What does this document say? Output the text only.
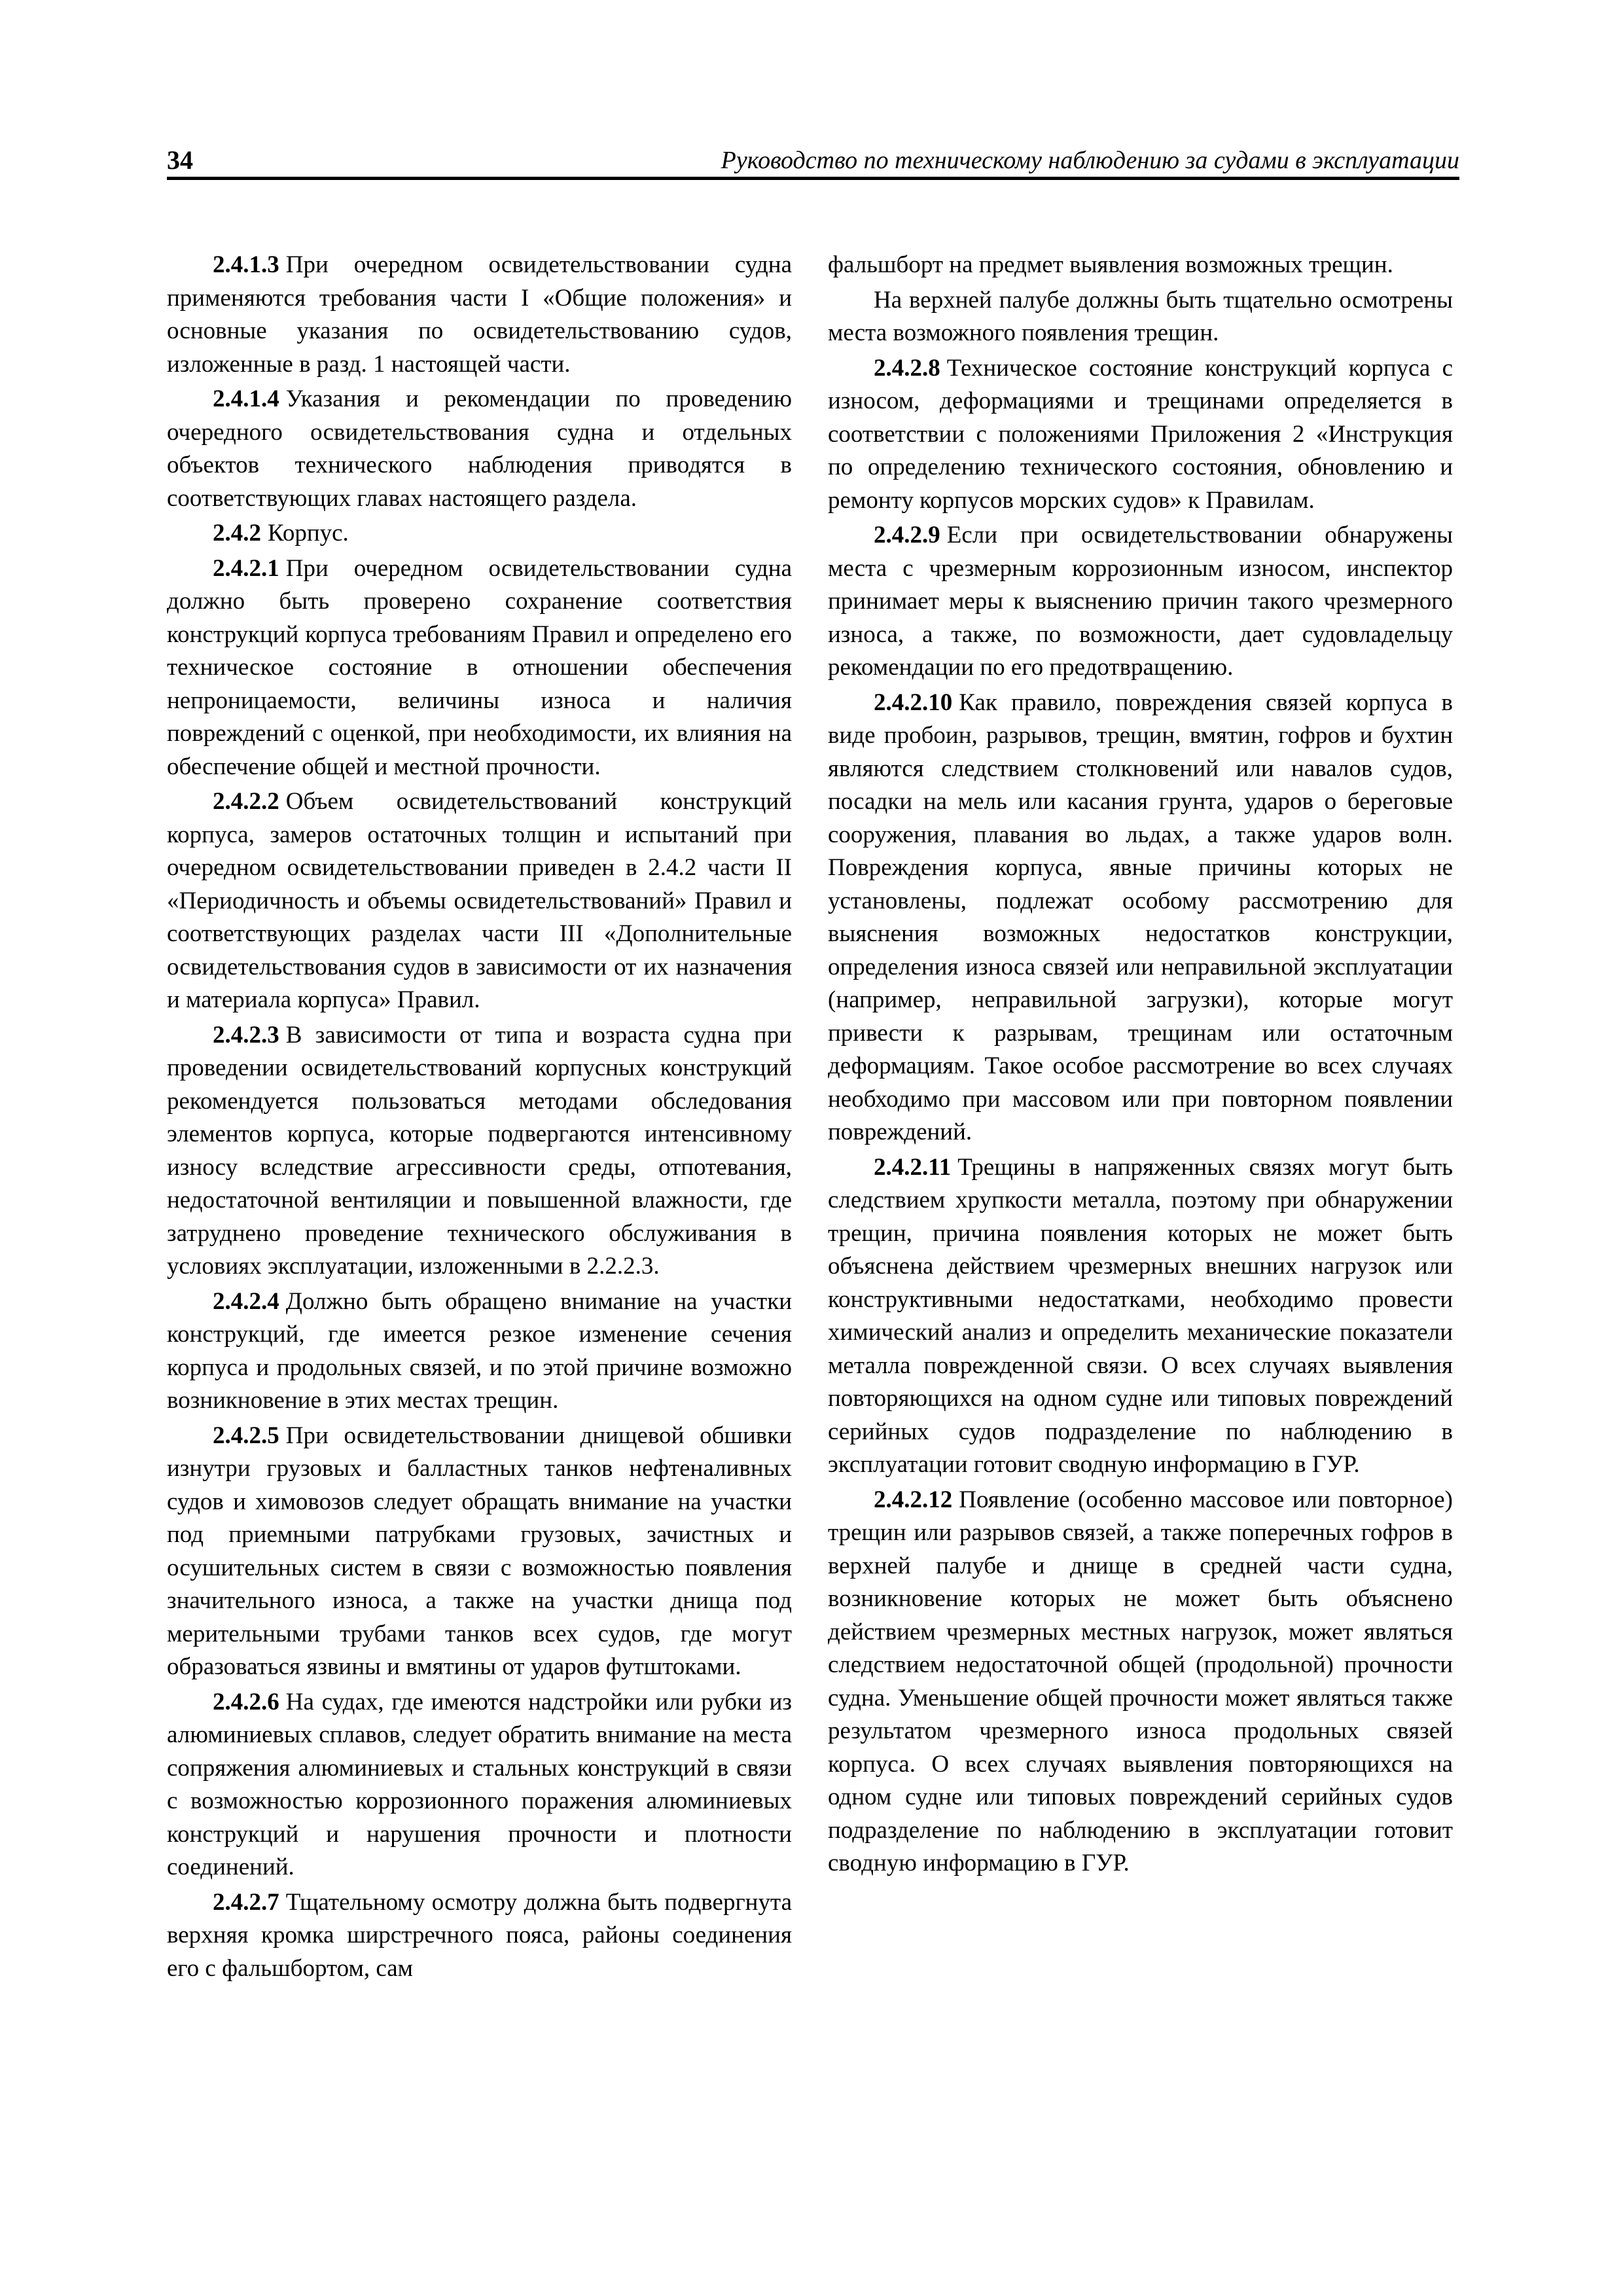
34	Руководство по техническому наблюдению за судами в эксплуатации

2.4.1.3 При очередном освидетельствовании судна применяются требования части I «Общие положения» и основные указания по освидетельствованию судов, изложенные в разд. 1 настоящей части.

2.4.1.4 Указания и рекомендации по проведению очередного освидетельствования судна и отдельных объектов технического наблюдения приводятся в соответствующих главах настоящего раздела.

2.4.2 Корпус.

2.4.2.1 При очередном освидетельствовании судна должно быть проверено сохранение соответствия конструкций корпуса требованиям Правил и определено его техническое состояние в отношении обеспечения непроницаемости, величины износа и наличия повреждений с оценкой, при необходимости, их влияния на обеспечение общей и местной прочности.

2.4.2.2 Объем освидетельствований конструкций корпуса, замеров остаточных толщин и испытаний при очередном освидетельствовании приведен в 2.4.2 части II «Периодичность и объемы освидетельствований» Правил и соответствующих разделах части III «Дополнительные освидетельствования судов в зависимости от их назначения и материала корпуса» Правил.

2.4.2.3 В зависимости от типа и возраста судна при проведении освидетельствований корпусных конструкций рекомендуется пользоваться методами обследования элементов корпуса, которые подвергаются интенсивному износу вследствие агрессивности среды, отпотевания, недостаточной вентиляции и повышенной влажности, где затруднено проведение технического обслуживания в условиях эксплуатации, изложенными в 2.2.2.3.

2.4.2.4 Должно быть обращено внимание на участки конструкций, где имеется резкое изменение сечения корпуса и продольных связей, и по этой причине возможно возникновение в этих местах трещин.

2.4.2.5 При освидетельствовании днищевой обшивки изнутри грузовых и балластных танков нефтеналивных судов и химовозов следует обращать внимание на участки под приемными патрубками грузовых, зачистных и осушительных систем в связи с возможностью появления значительного износа, а также на участки днища под мерительными трубами танков всех судов, где могут образоваться язвины и вмятины от ударов футштоками.

2.4.2.6 На судах, где имеются надстройки или рубки из алюминиевых сплавов, следует обратить внимание на места сопряжения алюминиевых и стальных конструкций в связи с возможностью коррозионного поражения алюминиевых конструкций и нарушения прочности и плотности соединений.

2.4.2.7 Тщательному осмотру должна быть подвергнута верхняя кромка ширстречного пояса, районы соединения его с фальшбортом, сам

фальшборт на предмет выявления возможных трещин.

На верхней палубе должны быть тщательно осмотрены места возможного появления трещин.

2.4.2.8 Техническое состояние конструкций корпуса с износом, деформациями и трещинами определяется в соответствии с положениями Приложения 2 «Инструкция по определению технического состояния, обновлению и ремонту корпусов морских судов» к Правилам.

2.4.2.9 Если при освидетельствовании обнаружены места с чрезмерным коррозионным износом, инспектор принимает меры к выяснению причин такого чрезмерного износа, а также, по возможности, дает судовладельцу рекомендации по его предотвращению.

2.4.2.10 Как правило, повреждения связей корпуса в виде пробоин, разрывов, трещин, вмятин, гофров и бухтин являются следствием столкновений или навалов судов, посадки на мель или касания грунта, ударов о береговые сооружения, плавания во льдах, а также ударов волн. Повреждения корпуса, явные причины которых не установлены, подлежат особому рассмотрению для выяснения возможных недостатков конструкции, определения износа связей или неправильной эксплуатации (например, неправильной загрузки), которые могут привести к разрывам, трещинам или остаточным деформациям. Такое особое рассмотрение во всех случаях необходимо при массовом или при повторном появлении повреждений.

2.4.2.11 Трещины в напряженных связях могут быть следствием хрупкости металла, поэтому при обнаружении трещин, причина появления которых не может быть объяснена действием чрезмерных внешних нагрузок или конструктивными недостатками, необходимо провести химический анализ и определить механические показатели металла поврежденной связи. О всех случаях выявления повторяющихся на одном судне или типовых повреждений серийных судов подразделение по наблюдению в эксплуатации готовит сводную информацию в ГУР.

2.4.2.12 Появление (особенно массовое или повторное) трещин или разрывов связей, а также поперечных гофров в верхней палубе и днище в средней части судна, возникновение которых не может быть объяснено действием чрезмерных местных нагрузок, может являться следствием недостаточной общей (продольной) прочности судна. Уменьшение общей прочности может являться также результатом чрезмерного износа продольных связей корпуса. О всех случаях выявления повторяющихся на одном судне или типовых повреждений серийных судов подразделение по наблюдению в эксплуатации готовит сводную информацию в ГУР.
